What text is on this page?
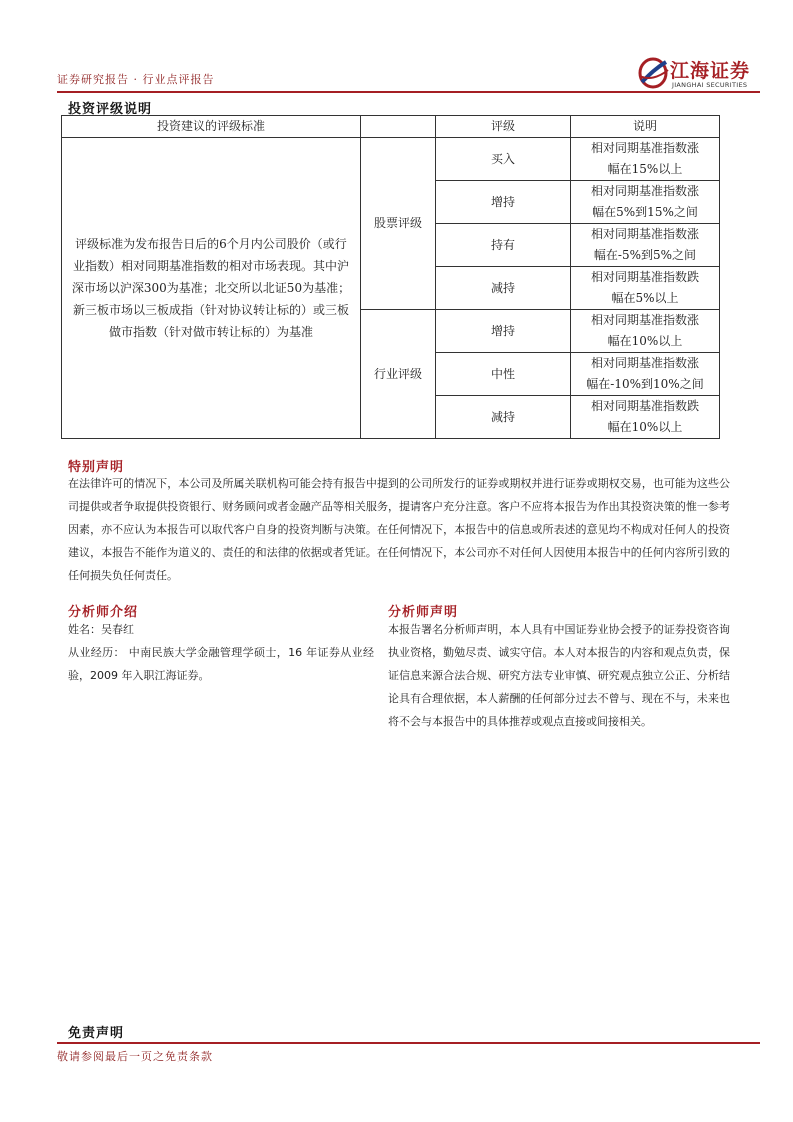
证券研究报告 · 行业点评报告	江海证券
JIANGHAI SECURITIES
投资评级说明
投资建议的评级标准		评级	说明
评级标准为发布报告日后的6个月内公司股价（或行业指数）相对同期基准指数的相对市场表现。其中沪深市场以沪深300为基准；北交所以北证50为基准；新三板市场以三板成指（针对协议转让标的）或三板做市指数（针对做市转让标的）为基准	股票评级	买入	相对同期基准指数涨
幅在15%以上
		增持	相对同期基准指数涨
幅在5%到15%之间
		持有	相对同期基准指数涨
幅在-5%到5%之间
		减持	相对同期基准指数跌
幅在5%以上
	行业评级	增持	相对同期基准指数涨
幅在10%以上
		中性	相对同期基准指数涨
幅在-10%到10%之间
		减持	相对同期基准指数跌
幅在10%以上
特别声明
在法律许可的情况下，本公司及所属关联机构可能会持有报告中提到的公司所发行的证券或期权并进行证券或期权交易，也可能为这些公司提供或者争取提供投资银行、财务顾问或者金融产品等相关服务，提请客户充分注意。客户不应将本报告为作出其投资决策的惟一参考因素，亦不应认为本报告可以取代客户自身的投资判断与决策。在任何情况下，本报告中的信息或所表述的意见均不构成对任何人的投资建议，本报告不能作为道义的、责任的和法律的依据或者凭证。在任何情况下，本公司亦不对任何人因使用本报告中的任何内容所引致的任何损失负任何责任。
分析师介绍
姓名：吴春红
从业经历： 中南民族大学金融管理学硕士，16 年证券从业经验，2009 年入职江海证券。
分析师声明
本报告署名分析师声明，本人具有中国证券业协会授予的证券投资咨询执业资格，勤勉尽责、诚实守信。本人对本报告的内容和观点负责，保证信息来源合法合规、研究方法专业审慎、研究观点独立公正、分析结论具有合理依据，本人薪酬的任何部分过去不曾与、现在不与，未来也将不会与本报告中的具体推荐或观点直接或间接相关。
免责声明
敬请参阅最后一页之免责条款
